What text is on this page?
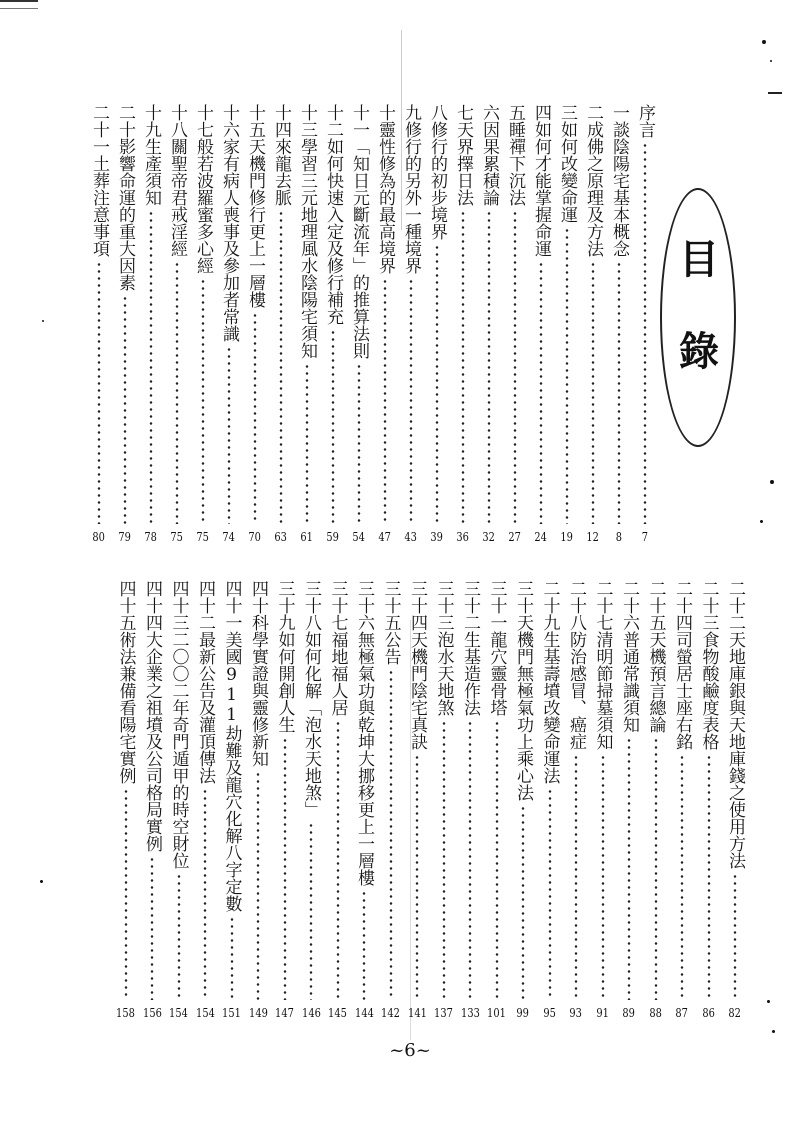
目
錄
序言
7
一談陰陽宅基本概念
8
二成佛之原理及方法
12
三如何改變命運
19
四如何才能掌握命運
24
五睡禪下沉法
27
六因果累積論
32
七天界擇日法
36
八修行的初步境界
39
九修行的另外一種境界
43
十靈性修為的最高境界
47
十一「知日元斷流年」的推算法則
54
十二如何快速入定及修行補充
59
十三學習三元地理風水陰陽宅須知
61
十四來龍去脈
63
十五天機門修行更上一層樓
70
十六家有病人喪事及參加者常識
74
十七般若波羅蜜多心經
75
十八關聖帝君戒淫經
75
十九生產須知
78
二十影響命運的重大因素
79
二十一土葬注意事項
80
二十二天地庫銀與天地庫錢之使用方法
82
二十三食物酸鹼度表格
86
二十四司螢居士座右銘
87
二十五天機預言總論
88
二十六普通常識須知
89
二十七清明節掃墓須知
91
二十八防治感冒、癌症
93
二十九生基壽墳改變命運法
95
三十天機門無極氣功上乘心法
99
三十一龍穴靈骨塔
101
三十二生基造作法
133
三十三泡水天地煞
137
三十四天機門陰宅真訣
141
三十五公告
142
三十六無極氣功與乾坤大挪移更上一層樓
144
三十七福地福人居
145
三十八如何化解「泡水天地煞」
146
三十九如何開創人生
147
四十科學實證與靈修新知
149
四十一美國911劫難及龍穴化解八字定數
151
四十二最新公告及灌頂傳法
154
四十三二〇〇二年奇門遁甲的時空財位
154
四十四大企業之祖墳及公司格局實例
156
四十五術法兼備看陽宅實例
158
~6~
